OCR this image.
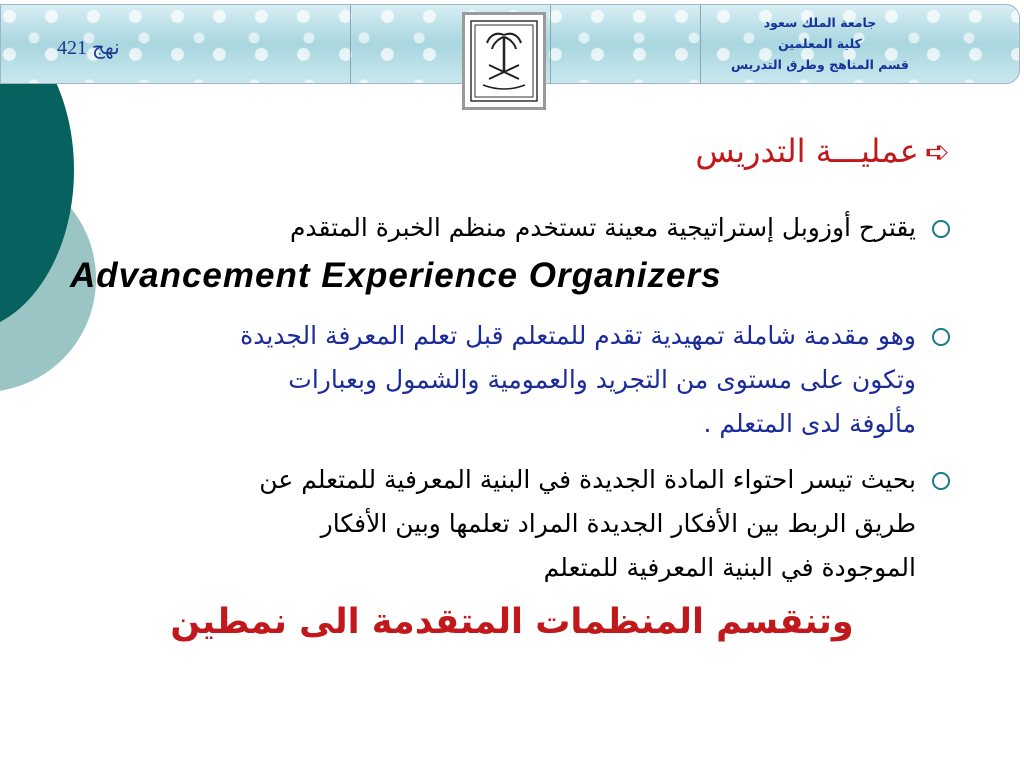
نهج 421
جامعة الملك سعود
كلية المعلمين
قسم المناهج وطرق التدريس
➪عمليـــة التدريس
يقترح أوزوبل إستراتيجية معينة تستخدم منظم الخبرة المتقدم
Advancement Experience Organizers
وهو مقدمة شاملة تمهيدية تقدم للمتعلم قبل تعلم المعرفة الجديدة
وتكون على مستوى من التجريد والعمومية والشمول وبعبارات
مألوفة لدى المتعلم .
بحيث تيسر احتواء المادة الجديدة في البنية المعرفية للمتعلم عن
طريق الربط بين الأفكار الجديدة المراد تعلمها وبين الأفكار
الموجودة في البنية المعرفية للمتعلم
وتنقسم المنظمات المتقدمة الى نمطين
